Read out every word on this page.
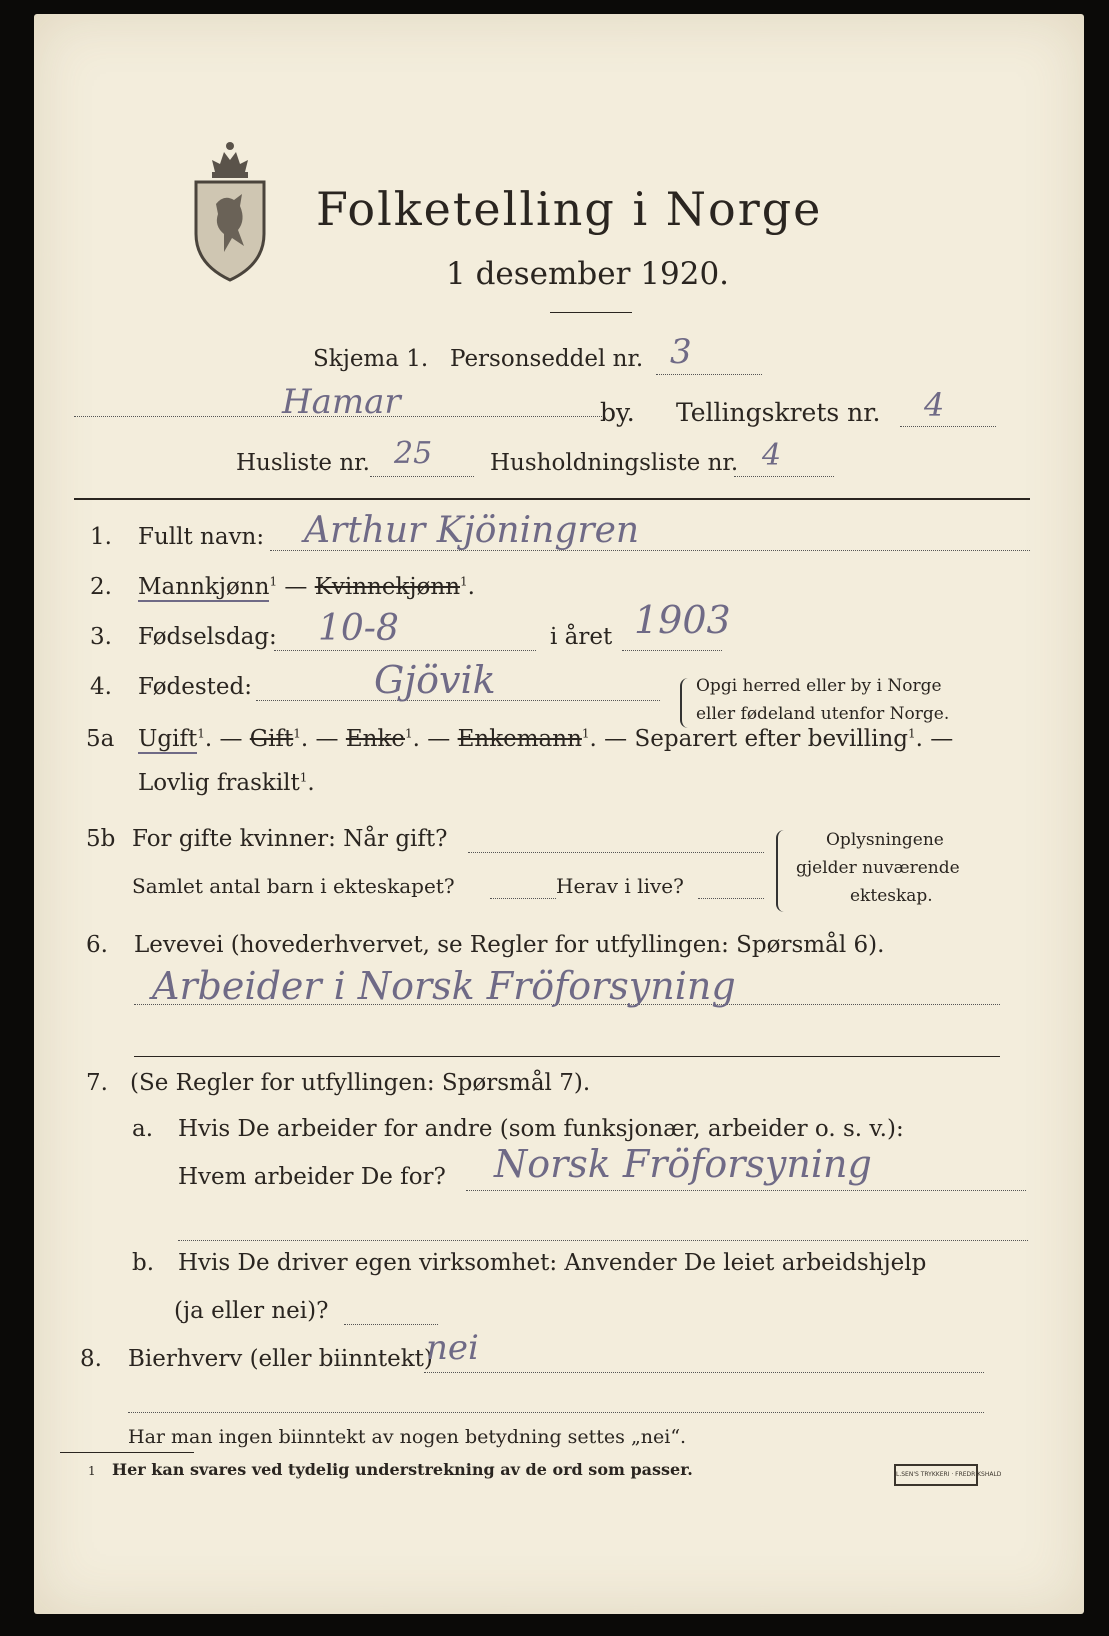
Folketelling i Norge
1 desember 1920.
Skjema 1. Personseddel nr. 3
Hamar	by. Tellingskrets nr. 4
Husliste nr. 25	Husholdningsliste nr. 4
1. Fullt navn: Arthur Kjöningren
2. Mannkjønn$^1$ — Kvinnekjønn$^1$.
3. Fødselsdag: 10-8	i året 1903
4. Fødested:	Gjövik	Opgi herred eller by i Norge
eller fødeland utenfor Norge.
5a Ugift$^1$. — Gift$^1$. — Enke$^1$. — Enkemann$^1$. — Separert efter bevilling$^1$. —
Lovlig fraskilt$^1$.
5b For gifte kvinner: Når gift?
Samlet antal barn i ekteskapet?	Herav i live?
Oplysningene
gjelder nuværende
ekteskap.
6. Levevei (hovederhvervet, se Regler for utfyllingen: Spørsmål 6).
Arbeider i Norsk Fröforsyning
7. (Se Regler for utfyllingen: Spørsmål 7).
a. Hvis De arbeider for andre (som funksjonær, arbeider o. s. v.):
Hvem arbeider De for? Norsk Fröforsyning
b. Hvis De driver egen virksomhet: Anvender De leiet arbeidshjelp
(ja eller nei)?
8. Bierhverv (eller biinntekt)
nei
Har man ingen biinntekt av nogen betydning settes „nei“.
1 Her kan svares ved tydelig understrekning av de ord som passer.	L.SEN'S TRYKKERI · FREDRIKSHALD
